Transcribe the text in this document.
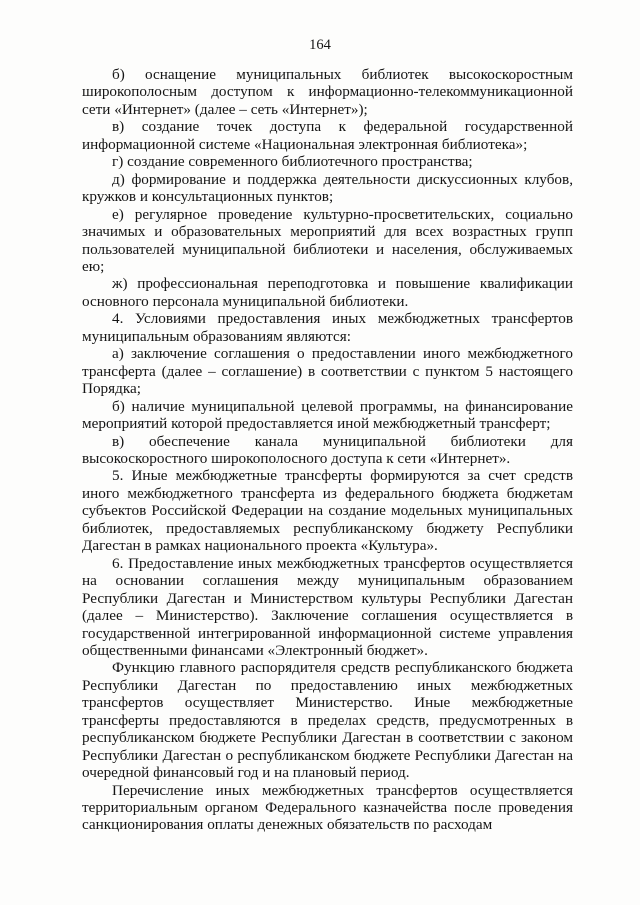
164

б) оснащение муниципальных библиотек высокоскоростным широкополосным доступом к информационно-телекоммуникационной сети «Интернет» (далее – сеть «Интернет»);

в) создание точек доступа к федеральной государственной информационной системе «Национальная электронная библиотека»;

г) создание современного библиотечного пространства;

д) формирование и поддержка деятельности дискуссионных клубов, кружков и консультационных пунктов;

е) регулярное проведение культурно-просветительских, социально значимых и образовательных мероприятий для всех возрастных групп пользователей муниципальной библиотеки и населения, обслуживаемых ею;

ж) профессиональная переподготовка и повышение квалификации основного персонала муниципальной библиотеки.

4. Условиями предоставления иных межбюджетных трансфертов муниципальным образованиям являются:

а) заключение соглашения о предоставлении иного межбюджетного трансферта (далее – соглашение) в соответствии с пунктом 5 настоящего Порядка;

б) наличие муниципальной целевой программы, на финансирование мероприятий которой предоставляется иной межбюджетный трансферт;

в) обеспечение канала муниципальной библиотеки для высокоскоростного широкополосного доступа к сети «Интернет».

5. Иные межбюджетные трансферты формируются за счет средств иного межбюджетного трансферта из федерального бюджета бюджетам субъектов Российской Федерации на создание модельных муниципальных библиотек, предоставляемых республиканскому бюджету Республики Дагестан в рамках национального проекта «Культура».

6. Предоставление иных межбюджетных трансфертов осуществляется на основании соглашения между муниципальным образованием Республики Дагестан и Министерством культуры Республики Дагестан (далее – Министерство). Заключение соглашения осуществляется в государственной интегрированной информационной системе управления общественными финансами «Электронный бюджет».

Функцию главного распорядителя средств республиканского бюджета Республики Дагестан по предоставлению иных межбюджетных трансфертов осуществляет Министерство. Иные межбюджетные трансферты предоставляются в пределах средств, предусмотренных в республиканском бюджете Республики Дагестан в соответствии с законом Республики Дагестан о республиканском бюджете Республики Дагестан на очередной финансовый год и на плановый период.

Перечисление иных межбюджетных трансфертов осуществляется территориальным органом Федерального казначейства после проведения санкционирования оплаты денежных обязательств по расходам
